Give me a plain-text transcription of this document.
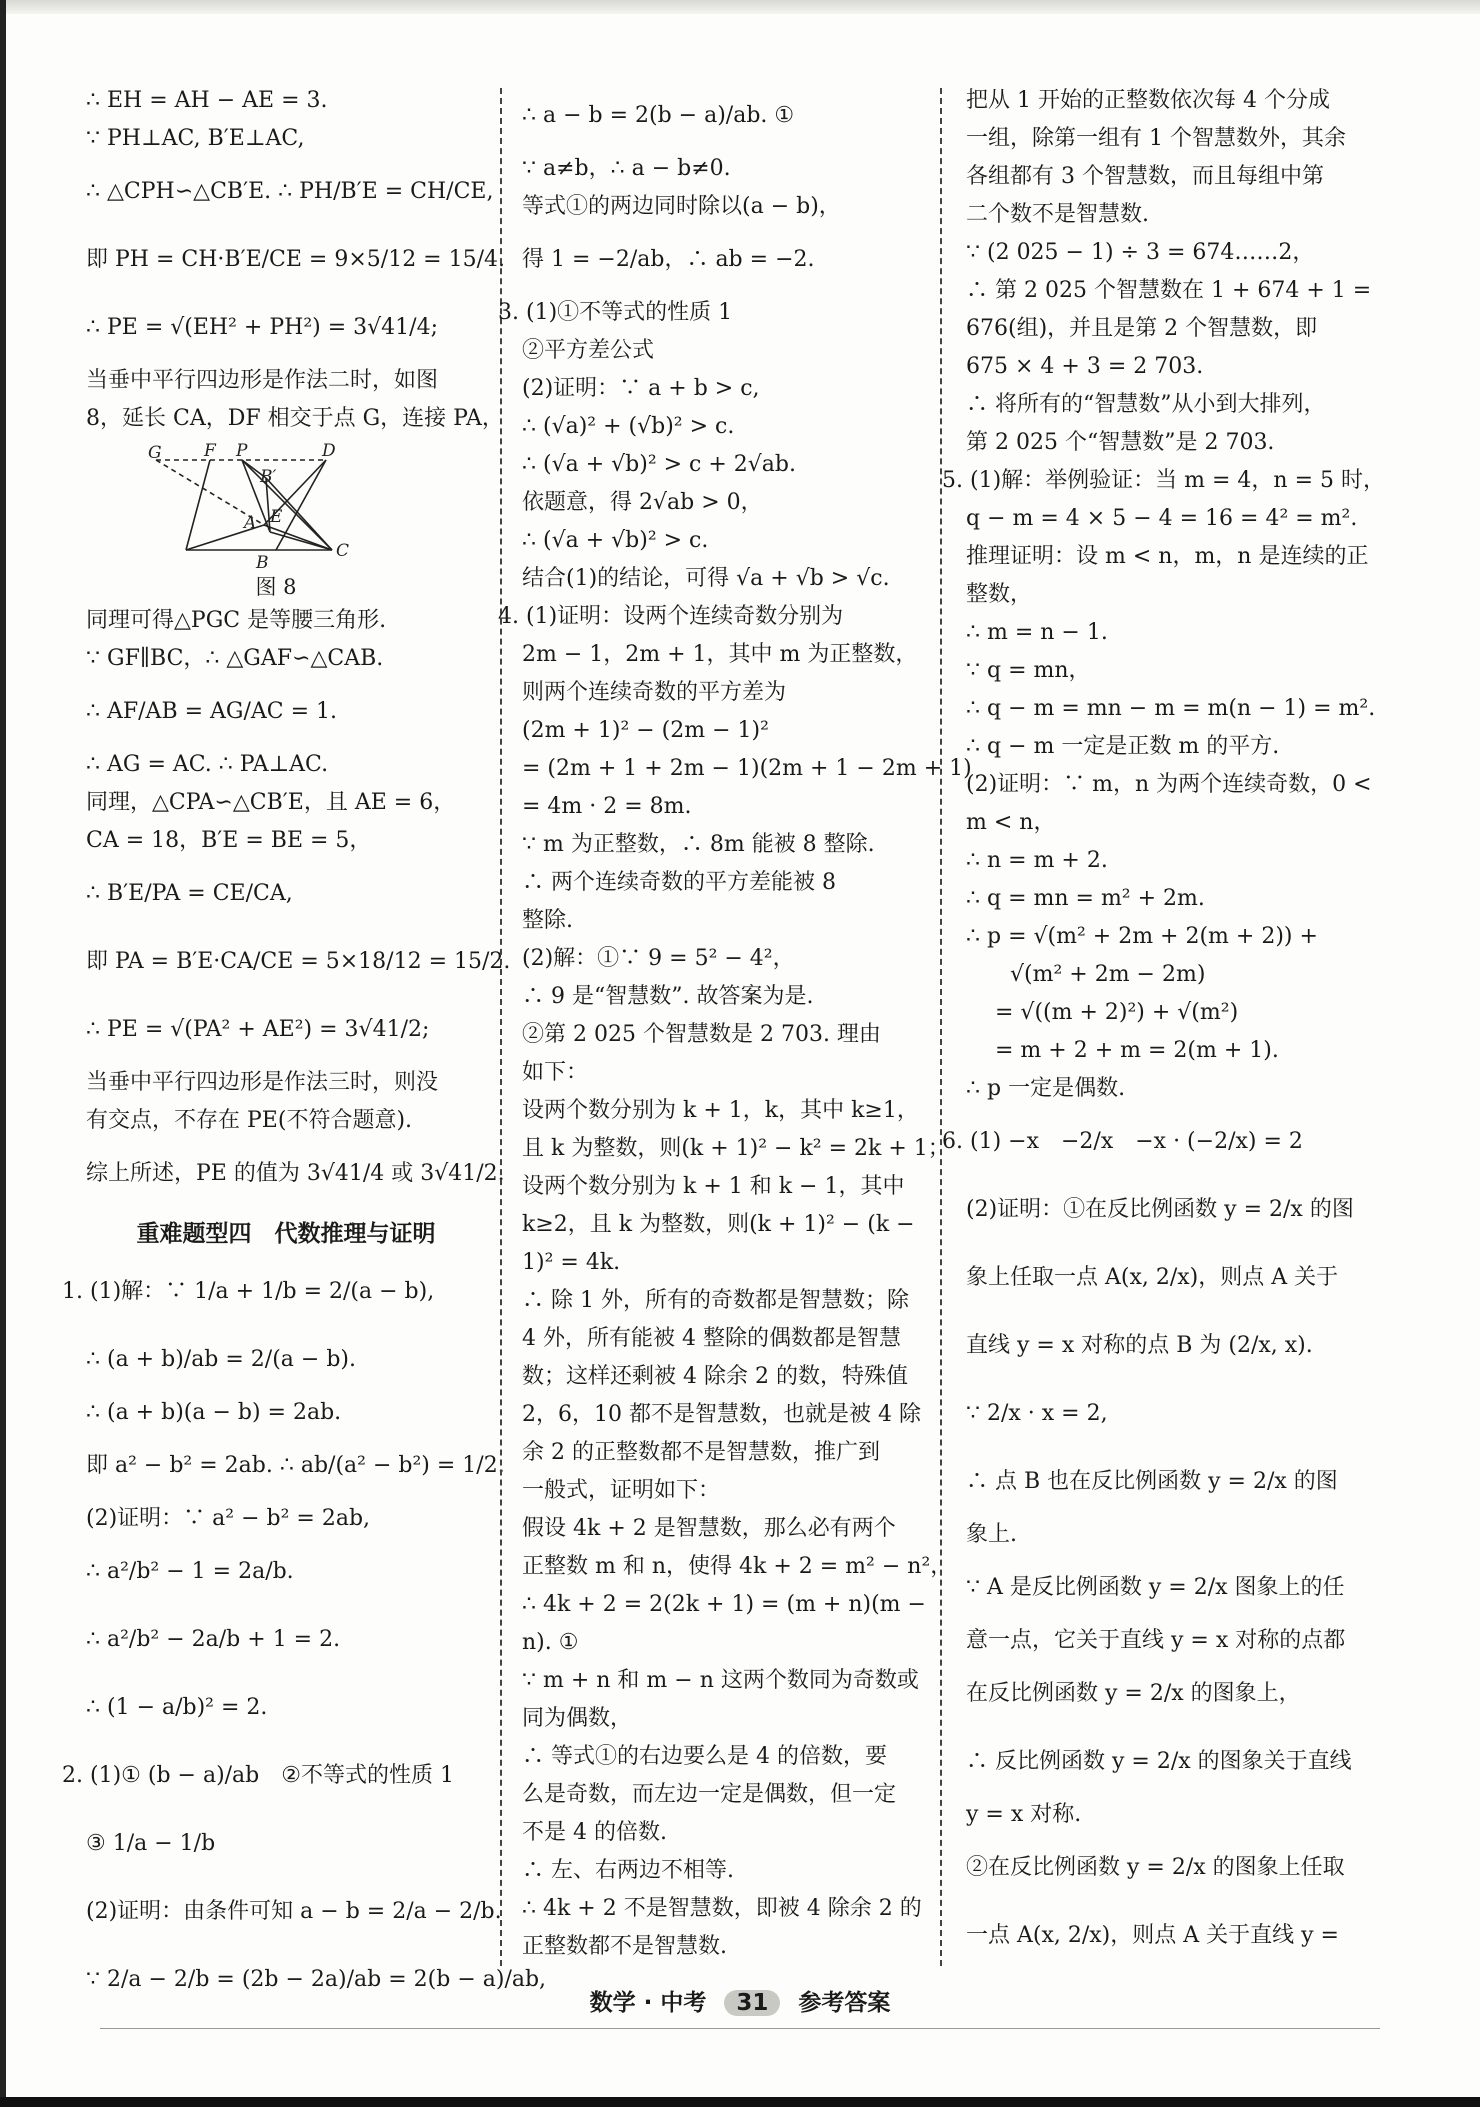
∴ EH = AH − AE = 3.

∵ PH⊥AC, B′E⊥AC,

∴ △CPH∽△CB′E. ∴ PH/B′E = CH/CE,

即 PH = CH·B′E/CE = 9×5/12 = 15/4.

∴ PE = √(EH² + PH²) = 3√41/4;

当垂中平行四边形是作法二时，如图

8，延长 CA，DF 相交于点 G，连接 PA，

G F P	D
B′
A E
B
C
图 8

同理可得△PGC 是等腰三角形.

∵ GF∥BC，∴ △GAF∽△CAB.

∴ AF/AB = AG/AC = 1.

∴ AG = AC. ∴ PA⊥AC.

同理，△CPA∽△CB′E，且 AE = 6，

CA = 18，B′E = BE = 5，

∴ B′E/PA = CE/CA,

即 PA = B′E·CA/CE = 5×18/12 = 15/2.

∴ PE = √(PA² + AE²) = 3√41/2;

当垂中平行四边形是作法三时，则没

有交点，不存在 PE(不符合题意).

综上所述，PE 的值为 3√41/4 或 3√41/2.

重难题型四　代数推理与证明

1. (1)解：∵ 1/a + 1/b = 2/(a − b),

∴ (a + b)/ab = 2/(a − b).

∴ (a + b)(a − b) = 2ab.

即 a² − b² = 2ab. ∴ ab/(a² − b²) = 1/2.

(2)证明：∵ a² − b² = 2ab,

∴ a²/b² − 1 = 2a/b.

∴ a²/b² − 2a/b + 1 = 2.

∴ (1 − a/b)² = 2.

2. (1)① (b − a)/ab　②不等式的性质 1

③ 1/a − 1/b

(2)证明：由条件可知 a − b = 2/a − 2/b.

∵ 2/a − 2/b = (2b − 2a)/ab = 2(b − a)/ab,

∴ a − b = 2(b − a)/ab. ①

∵ a≠b，∴ a − b≠0.

等式①的两边同时除以(a − b)，

得 1 = −2/ab，∴ ab = −2.

3. (1)①不等式的性质 1

②平方差公式

(2)证明：∵ a + b > c,

∴ (√a)² + (√b)² > c.

∴ (√a + √b)² > c + 2√ab.

依题意，得 2√ab > 0，

∴ (√a + √b)² > c.

结合(1)的结论，可得 √a + √b > √c.

4. (1)证明：设两个连续奇数分别为

2m − 1，2m + 1，其中 m 为正整数，

则两个连续奇数的平方差为

(2m + 1)² − (2m − 1)²

= (2m + 1 + 2m − 1)(2m + 1 − 2m + 1)

= 4m · 2 = 8m.

∵ m 为正整数，∴ 8m 能被 8 整除.

∴ 两个连续奇数的平方差能被 8

整除.

(2)解：①∵ 9 = 5² − 4²，

∴ 9 是“智慧数”. 故答案为是.

②第 2 025 个智慧数是 2 703. 理由

如下：

设两个数分别为 k + 1，k，其中 k≥1，

且 k 为整数，则(k + 1)² − k² = 2k + 1；

设两个数分别为 k + 1 和 k − 1，其中

k≥2，且 k 为整数，则(k + 1)² − (k −

1)² = 4k.

∴ 除 1 外，所有的奇数都是智慧数；除

4 外，所有能被 4 整除的偶数都是智慧

数；这样还剩被 4 除余 2 的数，特殊值

2，6，10 都不是智慧数，也就是被 4 除

余 2 的正整数都不是智慧数，推广到

一般式，证明如下：

假设 4k + 2 是智慧数，那么必有两个

正整数 m 和 n，使得 4k + 2 = m² − n²，

∴ 4k + 2 = 2(2k + 1) = (m + n)(m −

n). ①

∵ m + n 和 m − n 这两个数同为奇数或

同为偶数，

∴ 等式①的右边要么是 4 的倍数，要

么是奇数，而左边一定是偶数，但一定

不是 4 的倍数.

∴ 左、右两边不相等.

∴ 4k + 2 不是智慧数，即被 4 除余 2 的

正整数都不是智慧数.

把从 1 开始的正整数依次每 4 个分成

一组，除第一组有 1 个智慧数外，其余

各组都有 3 个智慧数，而且每组中第

二个数不是智慧数.

∵ (2 025 − 1) ÷ 3 = 674……2，

∴ 第 2 025 个智慧数在 1 + 674 + 1 =

676(组)，并且是第 2 个智慧数，即

675 × 4 + 3 = 2 703.

∴ 将所有的“智慧数”从小到大排列，

第 2 025 个“智慧数”是 2 703.

5. (1)解：举例验证：当 m = 4，n = 5 时，

q − m = 4 × 5 − 4 = 16 = 4² = m².

推理证明：设 m < n，m，n 是连续的正

整数，

∴ m = n − 1.

∵ q = mn，

∴ q − m = mn − m = m(n − 1) = m².

∴ q − m 一定是正数 m 的平方.

(2)证明：∵ m，n 为两个连续奇数，0 <

m < n，

∴ n = m + 2.

∴ q = mn = m² + 2m.

∴ p = √(m² + 2m + 2(m + 2)) +

　　√(m² + 2m − 2m)

　 = √((m + 2)²) + √(m²)

　 = m + 2 + m = 2(m + 1).

∴ p 一定是偶数.

6. (1) −x　−2/x　−x · (−2/x) = 2

(2)证明：①在反比例函数 y = 2/x 的图

象上任取一点 A(x, 2/x)，则点 A 关于

直线 y = x 对称的点 B 为 (2/x, x).

∵ 2/x · x = 2,

∴ 点 B 也在反比例函数 y = 2/x 的图

象上.

∵ A 是反比例函数 y = 2/x 图象上的任

意一点，它关于直线 y = x 对称的点都

在反比例函数 y = 2/x 的图象上，

∴ 反比例函数 y = 2/x 的图象关于直线

y = x 对称.

②在反比例函数 y = 2/x 的图象上任取

一点 A(x, 2/x)，则点 A 关于直线 y =

数学 · 中考 31 参考答案
